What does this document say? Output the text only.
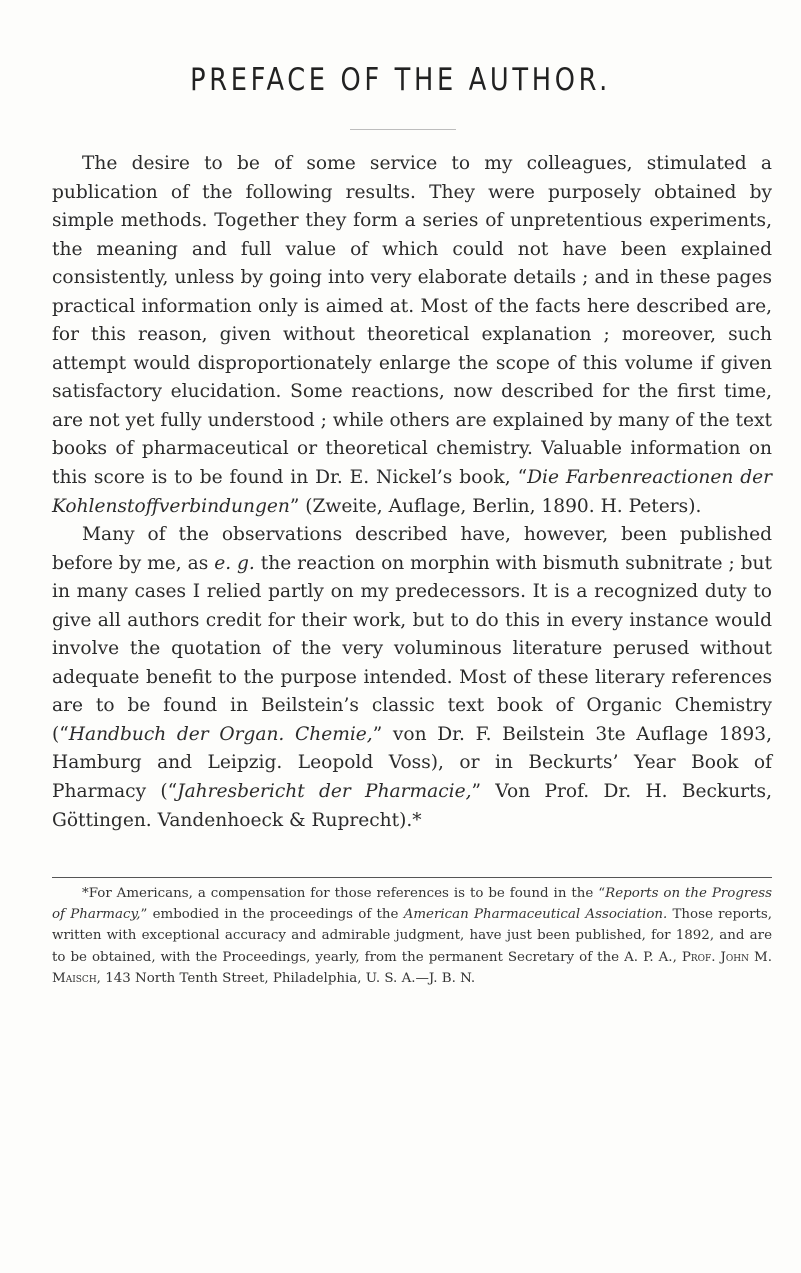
PREFACE OF THE AUTHOR.

The desire to be of some service to my colleagues, stimulated a publication of the following results. They were purposely obtained by simple methods. Together they form a series of unpretentious experiments, the meaning and full value of which could not have been explained consistently, unless by going into very elaborate details ; and in these pages practical information only is aimed at. Most of the facts here described are, for this reason, given without theoretical explanation ; moreover, such attempt would disproportionately enlarge the scope of this volume if given satisfactory elucidation. Some reactions, now described for the first time, are not yet fully understood ; while others are explained by many of the text books of pharmaceutical or theoretical chemistry. Valuable information on this score is to be found in Dr. E. Nickel’s book, “Die Farbenreactionen der Kohlenstoffverbindungen” (Zweite, Auflage, Berlin, 1890. H. Peters).

Many of the observations described have, however, been published before by me, as e. g. the reaction on morphin with bismuth subnitrate ; but in many cases I relied partly on my predecessors. It is a recognized duty to give all authors credit for their work, but to do this in every instance would involve the quotation of the very voluminous literature perused without adequate benefit to the purpose intended. Most of these literary references are to be found in Beilstein’s classic text book of Organic Chemistry (“Handbuch der Organ. Chemie,” von Dr. F. Beilstein 3te Auflage 1893, Hamburg and Leipzig. Leopold Voss), or in Beckurts’ Year Book of Pharmacy (“Jahresbericht der Pharmacie,” Von Prof. Dr. H. Beckurts, Göttingen. Vandenhoeck & Ruprecht).*

*For Americans, a compensation for those references is to be found in the “Reports on the Progress of Pharmacy,” embodied in the proceedings of the American Pharmaceutical Association. Those reports, written with exceptional accuracy and admirable judgment, have just been published, for 1892, and are to be obtained, with the Proceedings, yearly, from the permanent Secretary of the A. P. A., Prof. John M. Maisch, 143 North Tenth Street, Philadelphia, U. S. A.—J. B. N.
